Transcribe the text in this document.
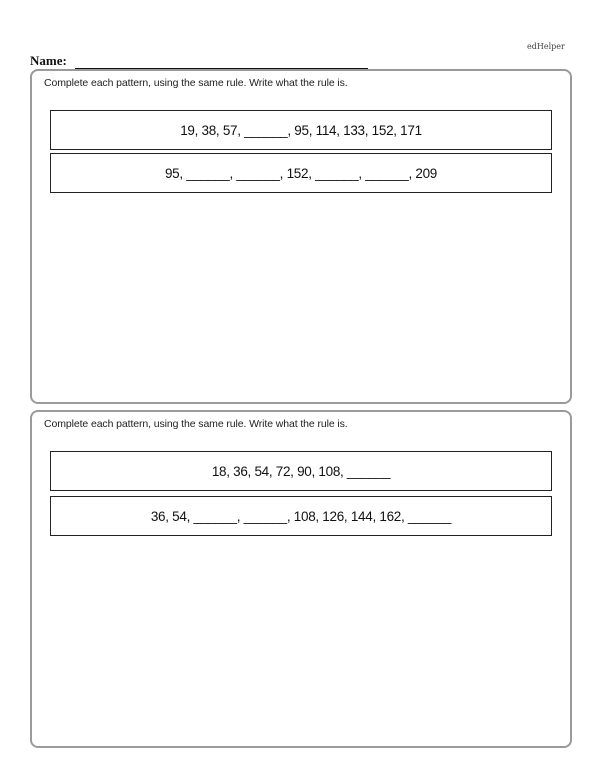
edHelper
Name:
Complete each pattern, using the same rule. Write what the rule is.
19, 38, 57, ______, 95, 114, 133, 152, 171
95, ______, ______, 152, ______, ______, 209
Complete each pattern, using the same rule. Write what the rule is.
18, 36, 54, 72, 90, 108, ______
36, 54, ______, ______, 108, 126, 144, 162, ______
